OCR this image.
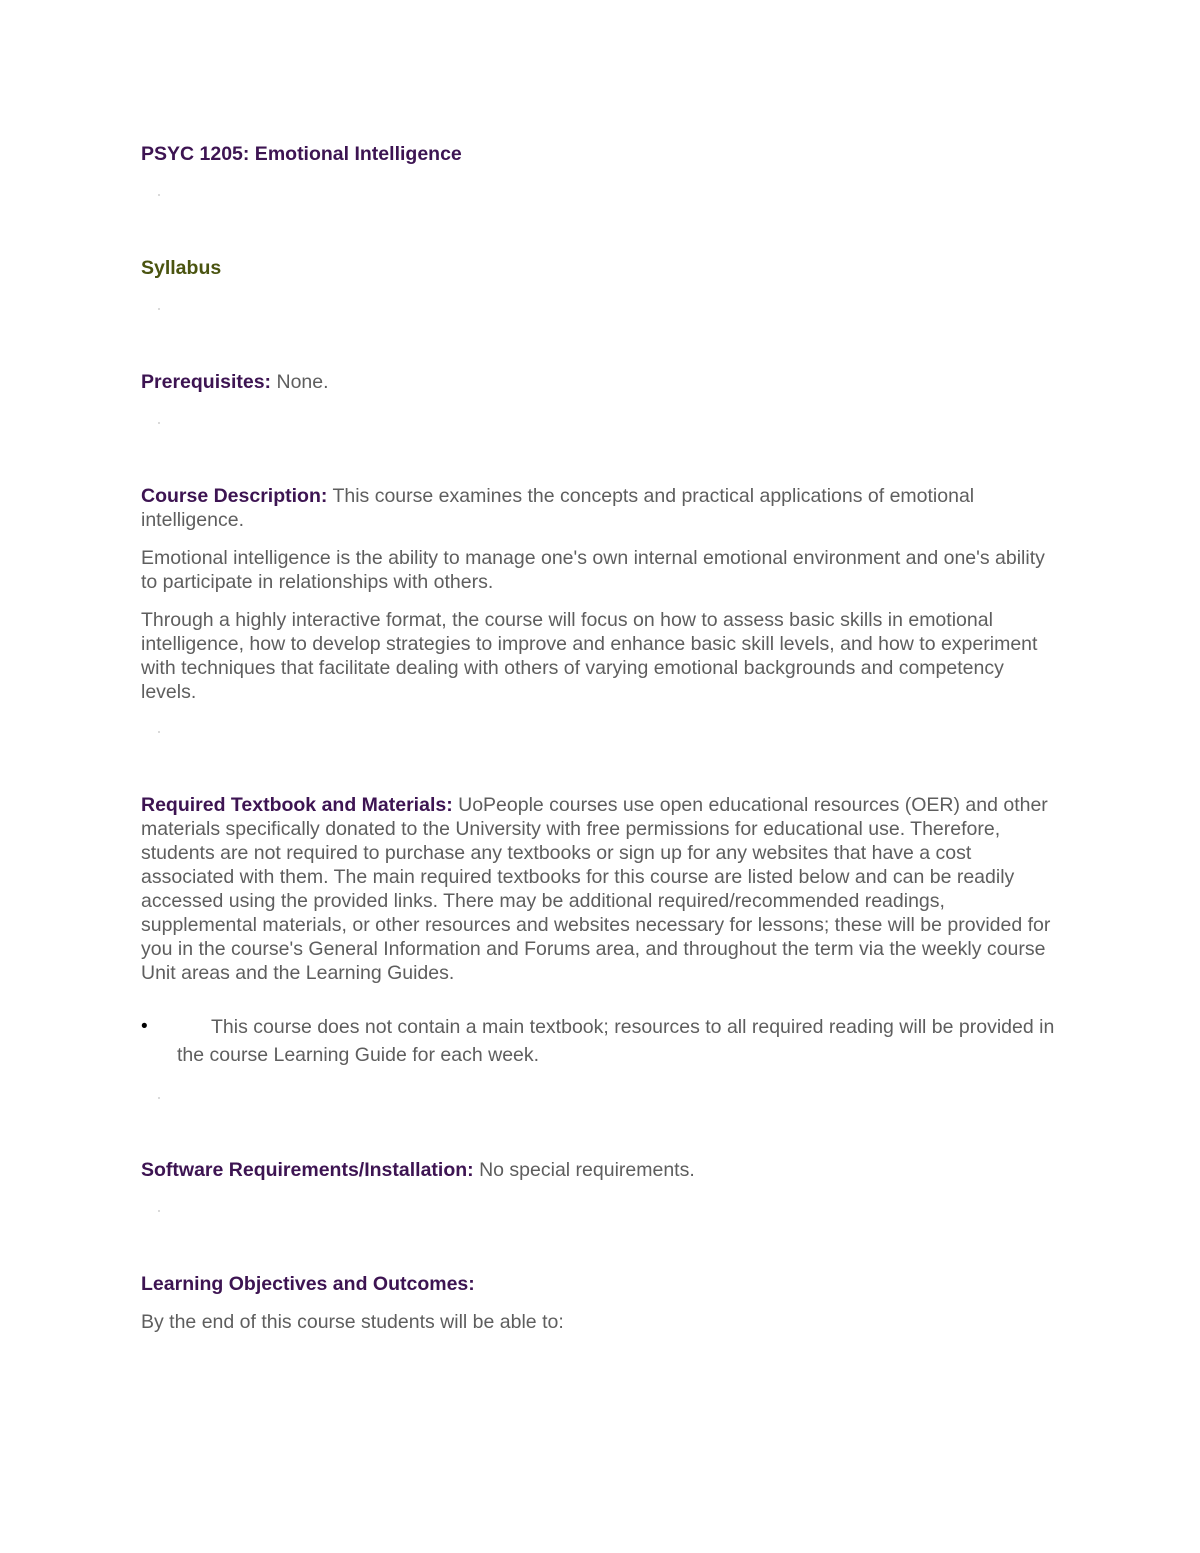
PSYC 1205: Emotional Intelligence

Syllabus

Prerequisites: None.

Course Description: This course examines the concepts and practical applications of emotional intelligence.

Emotional intelligence is the ability to manage one's own internal emotional environment and one's ability to participate in relationships with others.

Through a highly interactive format, the course will focus on how to assess basic skills in emotional intelligence, how to develop strategies to improve and enhance basic skill levels, and how to experiment with techniques that facilitate dealing with others of varying emotional backgrounds and competency levels.

Required Textbook and Materials: UoPeople courses use open educational resources (OER) and other materials specifically donated to the University with free permissions for educational use. Therefore, students are not required to purchase any textbooks or sign up for any websites that have a cost associated with them. The main required textbooks for this course are listed below and can be readily accessed using the provided links. There may be additional required/recommended readings, supplemental materials, or other resources and websites necessary for lessons; these will be provided for you in the course's General Information and Forums area, and throughout the term via the weekly course Unit areas and the Learning Guides.

•	This course does not contain a main textbook; resources to all required reading will be provided in the course Learning Guide for each week.

Software Requirements/Installation: No special requirements.

Learning Objectives and Outcomes:

By the end of this course students will be able to:
